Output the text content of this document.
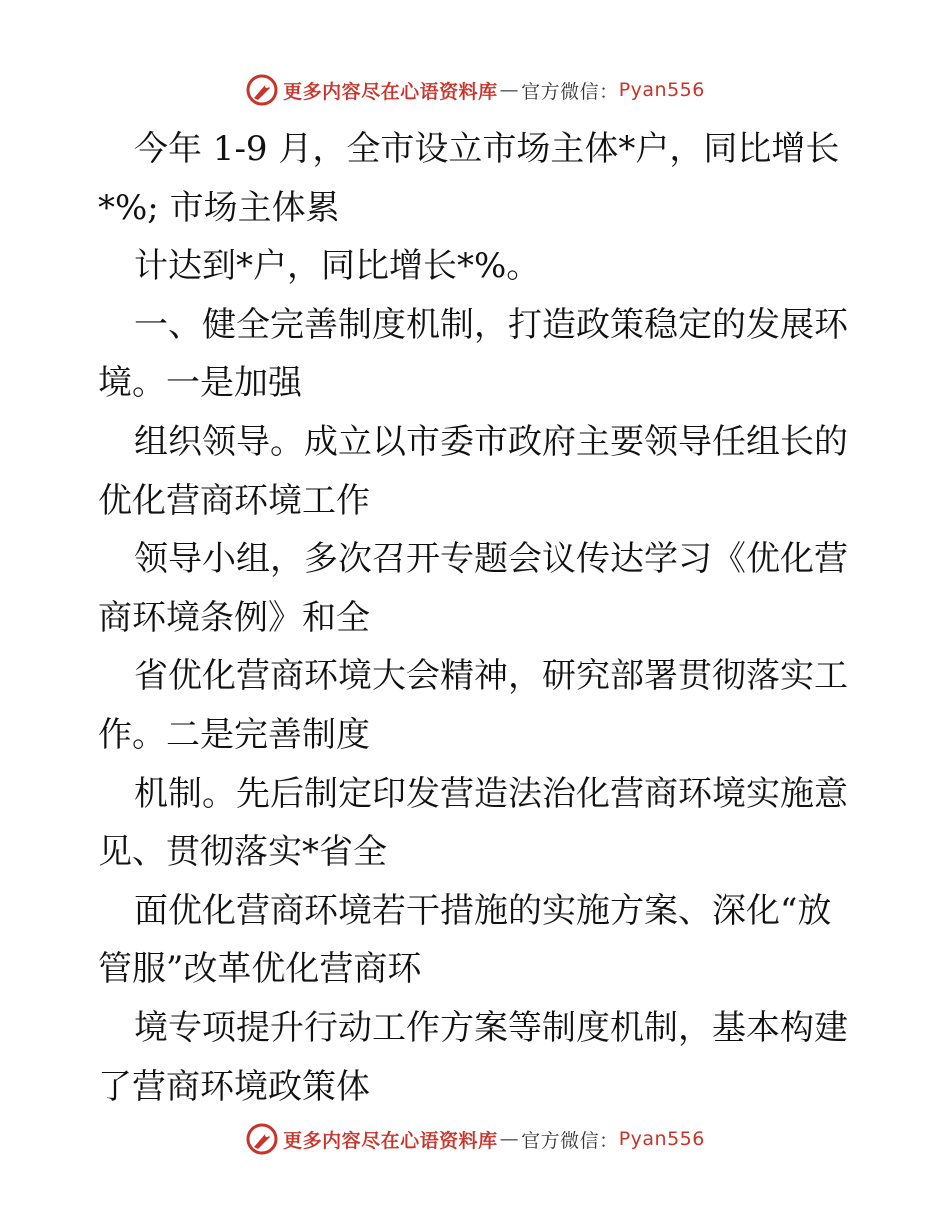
更多内容尽在心语资料库 — 官方微信： Pyan556
今年 1-9 月，全市设立市场主体*户，同比增长
*%; 市场主体累
计达到*户，同比增长*%。
一、健全完善制度机制，打造政策稳定的发展环
境。一是加强
组织领导。成立以市委市政府主要领导任组长的
优化营商环境工作
领导小组，多次召开专题会议传达学习《优化营
商环境条例》和全
省优化营商环境大会精神，研究部署贯彻落实工
作。二是完善制度
机制。先后制定印发营造法治化营商环境实施意
见、贯彻落实*省全
面优化营商环境若干措施的实施方案、深化“放
管服”改革优化营商环
境专项提升行动工作方案等制度机制，基本构建
了营商环境政策体
更多内容尽在心语资料库 — 官方微信： Pyan556
